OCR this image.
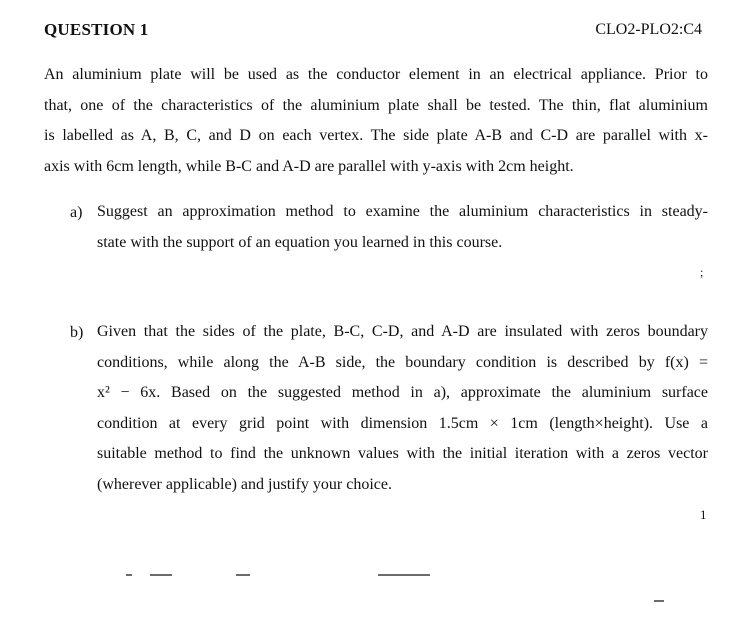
QUESTION 1	CLO2-PLO2:C4
An aluminium plate will be used as the conductor element in an electrical appliance. Prior to
that, one of the characteristics of the aluminium plate shall be tested. The thin, flat aluminium
is labelled as A, B, C, and D on each vertex. The side plate A-B and C-D are parallel with x-
axis with 6cm length, while B-C and A-D are parallel with y-axis with 2cm height.
a) Suggest an approximation method to examine the aluminium characteristics in steady-
state with the support of an equation you learned in this course.
;
b) Given that the sides of the plate, B-C, C-D, and A-D are insulated with zeros boundary
conditions, while along the A-B side, the boundary condition is described by f(x) =
x² − 6x. Based on the suggested method in a), approximate the aluminium surface
condition at every grid point with dimension 1.5cm × 1cm (length×height). Use a
suitable method to find the unknown values with the initial iteration with a zeros vector
(wherever applicable) and justify your choice.
1
